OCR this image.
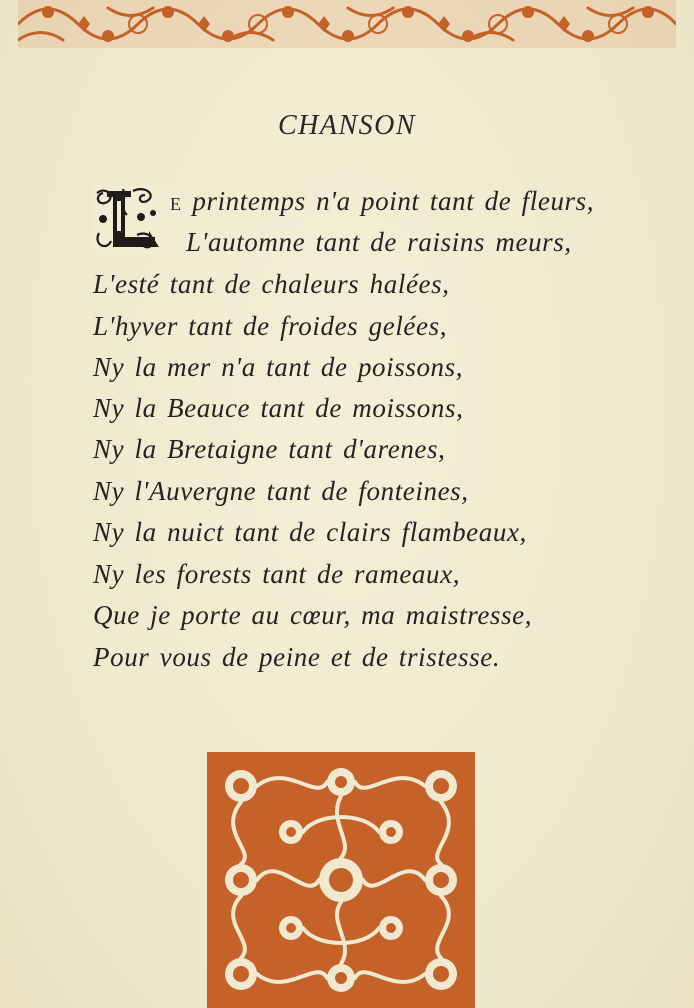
CHANSON
E printemps n'a point tant de fleurs,
L'automne tant de raisins meurs,
L'esté tant de chaleurs halées,
L'hyver tant de froides gelées,
Ny la mer n'a tant de poissons,
Ny la Beauce tant de moissons,
Ny la Bretaigne tant d'arenes,
Ny l'Auvergne tant de fonteines,
Ny la nuict tant de clairs flambeaux,
Ny les forests tant de rameaux,
Que je porte au cœur, ma maistresse,
Pour vous de peine et de tristesse.
